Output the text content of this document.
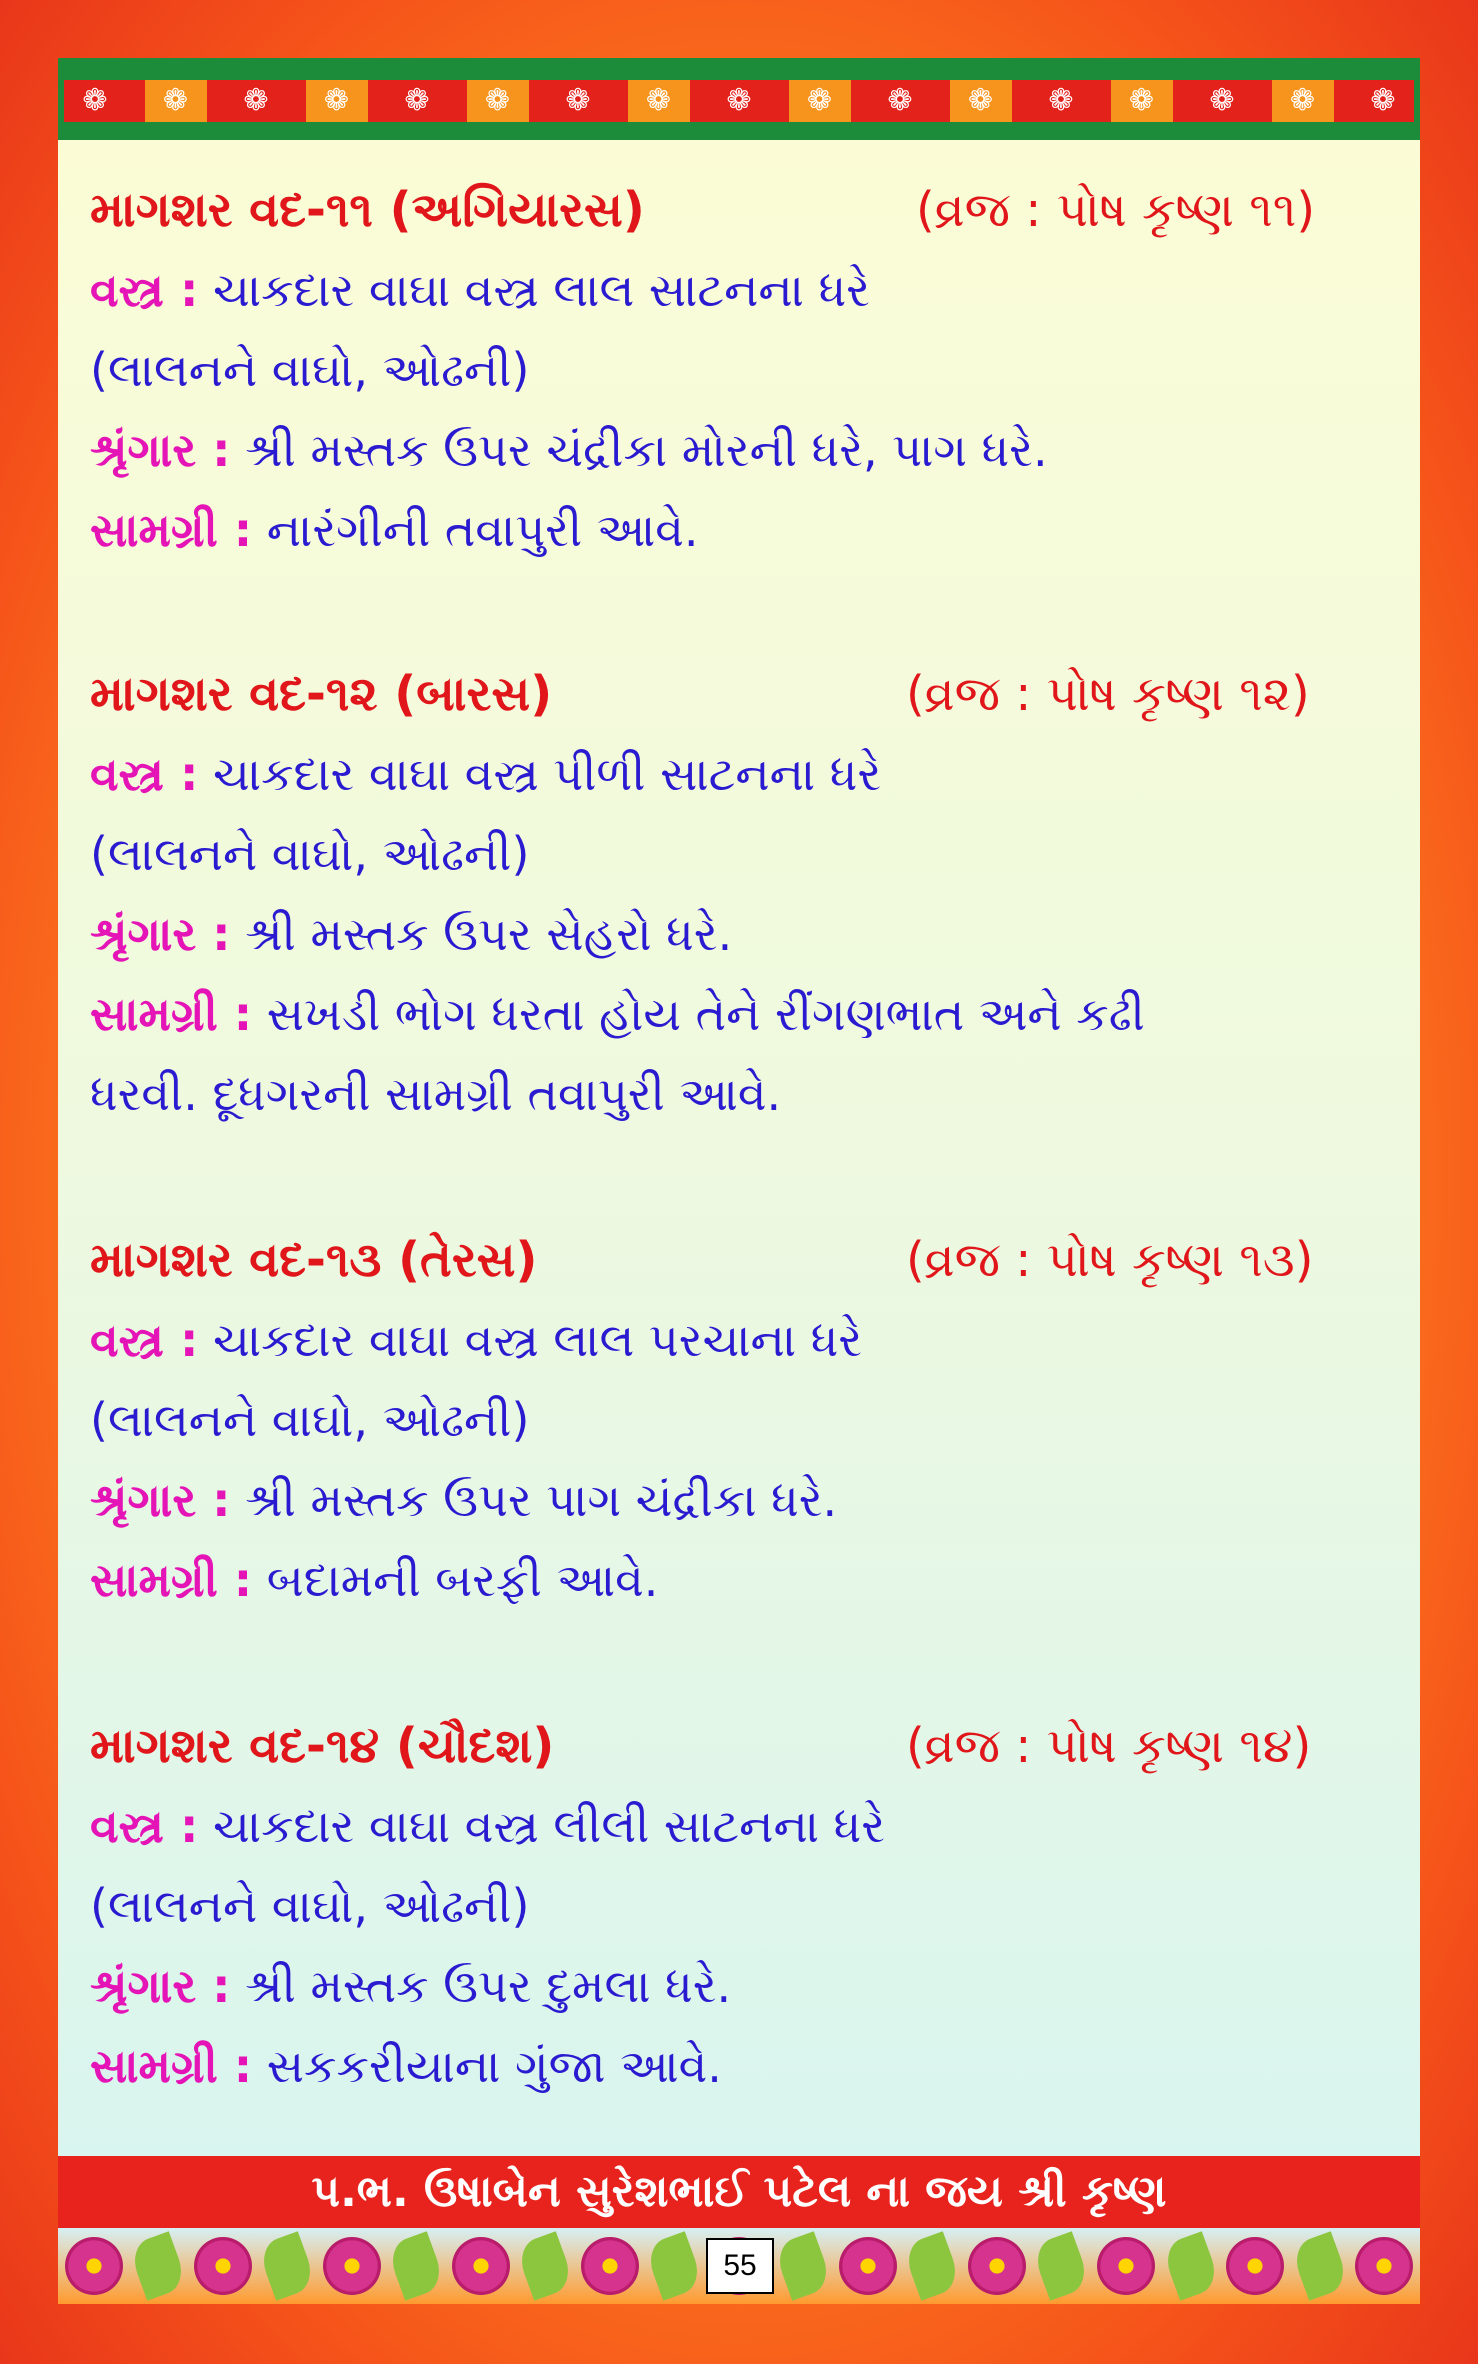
❁	❁	❁	❁	❁	❁	❁	❁	❁	❁	❁	❁	❁	❁	❁	❁	❁
માગશર વદ-૧૧ (અગિયારસ)	(વ્રજ : પોષ કૃષ્ણ ૧૧)
વસ્ત્ર : ચાકદાર વાઘા વસ્ત્ર લાલ સાટનના ધરે
(લાલનને વાઘો, ઓઢની)
શ્રૃંગાર : શ્રી મસ્તક ઉપર ચંદ્રીકા મોરની ધરે, પાગ ધરે.
સામગ્રી : નારંગીની તવાપુરી આવે.
માગશર વદ-૧૨ (બારસ)	(વ્રજ : પોષ કૃષ્ણ ૧૨)
વસ્ત્ર : ચાકદાર વાઘા વસ્ત્ર પીળી સાટનના ધરે
(લાલનને વાઘો, ઓઢની)
શ્રૃંગાર : શ્રી મસ્તક ઉપર સેહરો ધરે.
સામગ્રી : સખડી ભોગ ધરતા હોય તેને રીંગણભાત અને કઢી
ધરવી. દૂધગરની સામગ્રી તવાપુરી આવે.
માગશર વદ-૧૩ (તેરસ)	(વ્રજ : પોષ કૃષ્ણ ૧૩)
વસ્ત્ર : ચાકદાર વાઘા વસ્ત્ર લાલ પરચાના ધરે
(લાલનને વાઘો, ઓઢની)
શ્રૃંગાર : શ્રી મસ્તક ઉપર પાગ ચંદ્રીકા ધરે.
સામગ્રી : બદામની બરફી આવે.
માગશર વદ-૧૪ (ચૌદશ)	(વ્રજ : પોષ કૃષ્ણ ૧૪)
વસ્ત્ર : ચાકદાર વાઘા વસ્ત્ર લીલી સાટનના ધરે
(લાલનને વાઘો, ઓઢની)
શ્રૃંગાર : શ્રી મસ્તક ઉપર દુમલા ધરે.
સામગ્રી : સકકરીયાના ગુંજા આવે.
પ.ભ. ઉષાબેન સુરેશભાઈ પટેલ ના જય શ્રી કૃષ્ણ
55
